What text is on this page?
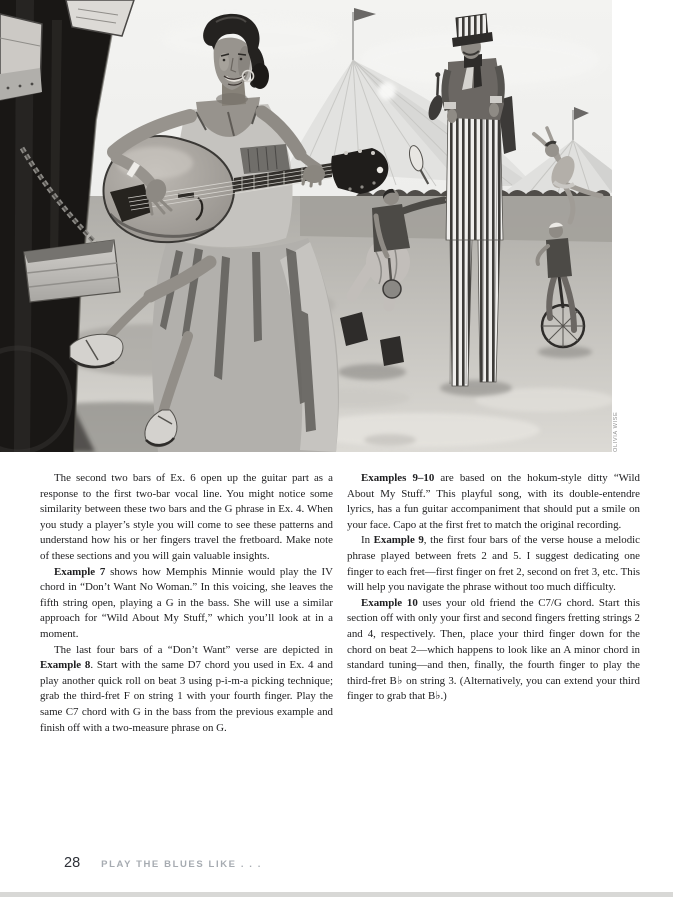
OLIVIA WISE

The second two bars of Ex. 6 open up the guitar part as a response to the first two-bar vocal line. You might notice some similarity between these two bars and the G phrase in Ex. 4. When you study a player’s style you will come to see these patterns and understand how his or her fingers travel the fretboard. Make note of these sections and you will gain valuable insights.

Example 7 shows how Memphis Minnie would play the IV chord in “Don’t Want No Woman.” In this voicing, she leaves the fifth string open, playing a G in the bass. She will use a similar approach for “Wild About My Stuff,” which you’ll look at in a moment.

The last four bars of a “Don’t Want” verse are depicted in Example 8. Start with the same D7 chord you used in Ex. 4 and play another quick roll on beat 3 using p-i-m-a picking technique; grab the third-fret F on string 1 with your fourth finger. Play the same C7 chord with G in the bass from the previous example and finish off with a two-measure phrase on G.

Examples 9–10 are based on the hokum-style ditty “Wild About My Stuff.” This playful song, with its double-entendre lyrics, has a fun guitar accompaniment that should put a smile on your face. Capo at the first fret to match the original recording.

In Example 9, the first four bars of the verse house a melodic phrase played between frets 2 and 5. I suggest dedicating one finger to each fret—first finger on fret 2, second on fret 3, etc. This will help you navigate the phrase without too much difficulty.

Example 10 uses your old friend the C7/G chord. Start this section off with only your first and second fingers fretting strings 2 and 4, respectively. Then, place your third finger down for the chord on beat 2—which happens to look like an A minor chord in standard tuning—and then, finally, the fourth finger to play the third-fret B♭ on string 3. (Alternatively, you can extend your third finger to grab that B♭.)

28 PLAY THE BLUES LIKE . . .
